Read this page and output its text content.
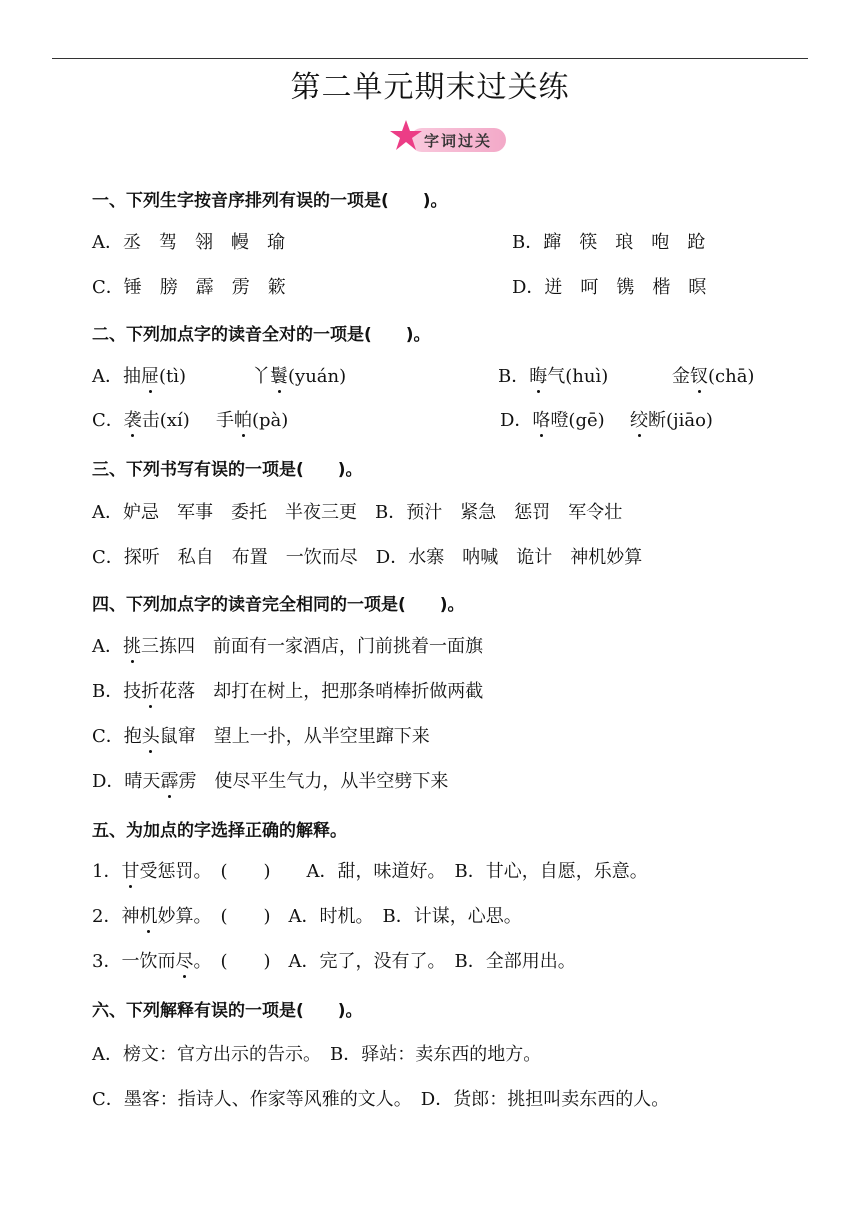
第二单元期末过关练
字词过关
一、下列生字按音序排列有误的一项是(　　)。
A．丞　驾　翎　幔　瑜	B．蹿　筷　琅　咆　跄
C．锤　膀　霹　雳　簌	D．迸　呵　镌　楷　暝
二、下列加点字的读音全对的一项是(　　)。
A．抽屉(tì)	丫鬟(yuán)	B．晦气(huì)	金钗(chā)
C．袭击(xí) 手帕(pà)	D．咯噔(gē) 绞断(jiāo)
三、下列书写有误的一项是(　　)。
A．妒忌　军事　委托　半夜三更　B．预汁　紧急　惩罚　军令壮
C．探听　私自　布置　一饮而尽　D．水寨　呐喊　诡计　神机妙算
四、下列加点字的读音完全相同的一项是(　　)。
A．挑三拣四　前面有一家酒店，门前挑着一面旗
B．技折花落　却打在树上，把那条哨棒折做两截
C．抱头鼠窜　望上一扑，从半空里蹿下来
D．晴天霹雳　使尽平生气力，从半空劈下来
五、为加点的字选择正确的解释。
1．甘受惩罚。　(　　)　　A．甜，味道好。　B．甘心，自愿，乐意。
2．神机妙算。　(　　)　A．时机。　B．计谋，心思。
3．一饮而尽。　(　　)　A．完了，没有了。　B．全部用出。
六、下列解释有误的一项是(　　)。
A．榜文：官方出示的告示。　B．驿站：卖东西的地方。
C．墨客：指诗人、作家等风雅的文人。　D．货郎：挑担叫卖东西的人。
